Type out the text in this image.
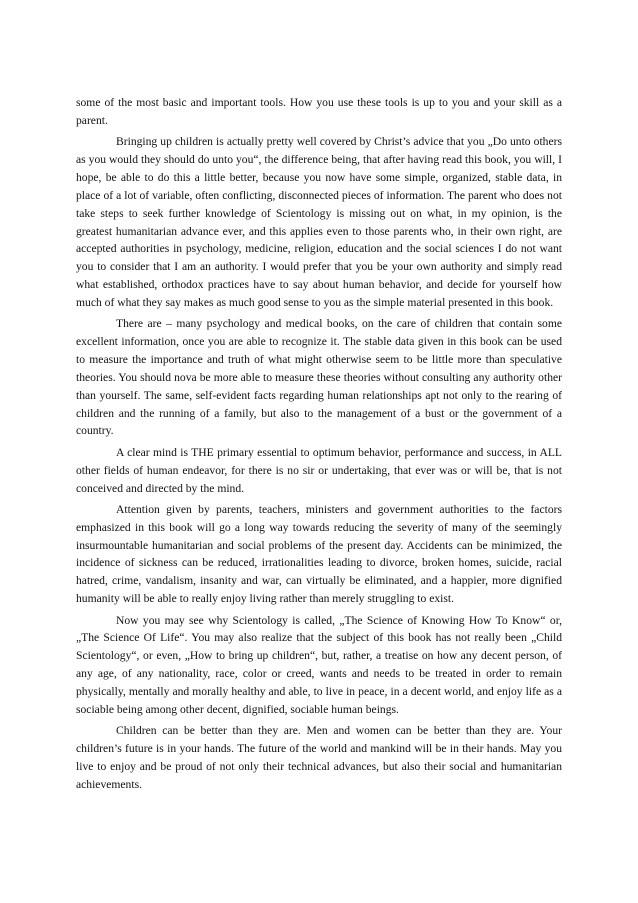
some of the most basic and important tools. How you use these tools is up to you and your skill as a parent.

Bringing up children is actually pretty well covered by Christ’s advice that you „Do unto others as you would they should do unto you“, the difference being, that after having read this book, you will, I hope, be able to do this a little better, because you now have some simple, organized, stable data, in place of a lot of variable, often conflicting, disconnected pieces of information. The parent who does not take steps to seek further knowledge of Scientology is missing out on what, in my opinion, is the greatest humanitarian advance ever, and this applies even to those parents who, in their own right, are accepted authorities in psychology, medicine, religion, education and the social sciences I do not want you to consider that I am an authority. I would prefer that you be your own authority and simply read what established, orthodox practices have to say about human behavior, and decide for yourself how much of what they say makes as much good sense to you as the simple material presented in this book.

There are – many psychology and medical books, on the care of children that contain some excellent information, once you are able to recognize it. The stable data given in this book can be used to measure the importance and truth of what might otherwise seem to be little more than speculative theories. You should nova be more able to measure these theories without consulting any authority other than yourself. The same, self-evident facts regarding human relationships apt not only to the rearing of children and the running of a family, but also to the management of a bust or the government of a country.

A clear mind is THE primary essential to optimum behavior, performance and success, in ALL other fields of human endeavor, for there is no sir or undertaking, that ever was or will be, that is not conceived and directed by the mind.

Attention given by parents, teachers, ministers and government authorities to the factors emphasized in this book will go a long way towards reducing the severity of many of the seemingly insurmountable humanitarian and social problems of the present day. Accidents can be minimized, the incidence of sickness can be reduced, irrationalities leading to divorce, broken homes, suicide, racial hatred, crime, vandalism, insanity and war, can virtually be eliminated, and a happier, more dignified humanity will be able to really enjoy living rather than merely struggling to exist.

Now you may see why Scientology is called, „The Science of Knowing How To Know“ or, „The Science Of Life“. You may also realize that the subject of this book has not really been „Child Scientology“, or even, „How to bring up children“, but, rather, a treatise on how any decent person, of any age, of any nationality, race, color or creed, wants and needs to be treated in order to remain physically, mentally and morally healthy and able, to live in peace, in a decent world, and enjoy life as a sociable being among other decent, dignified, sociable human beings.

Children can be better than they are. Men and women can be better than they are. Your children’s future is in your hands. The future of the world and mankind will be in their hands. May you live to enjoy and be proud of not only their technical advances, but also their social and humanitarian achievements.
